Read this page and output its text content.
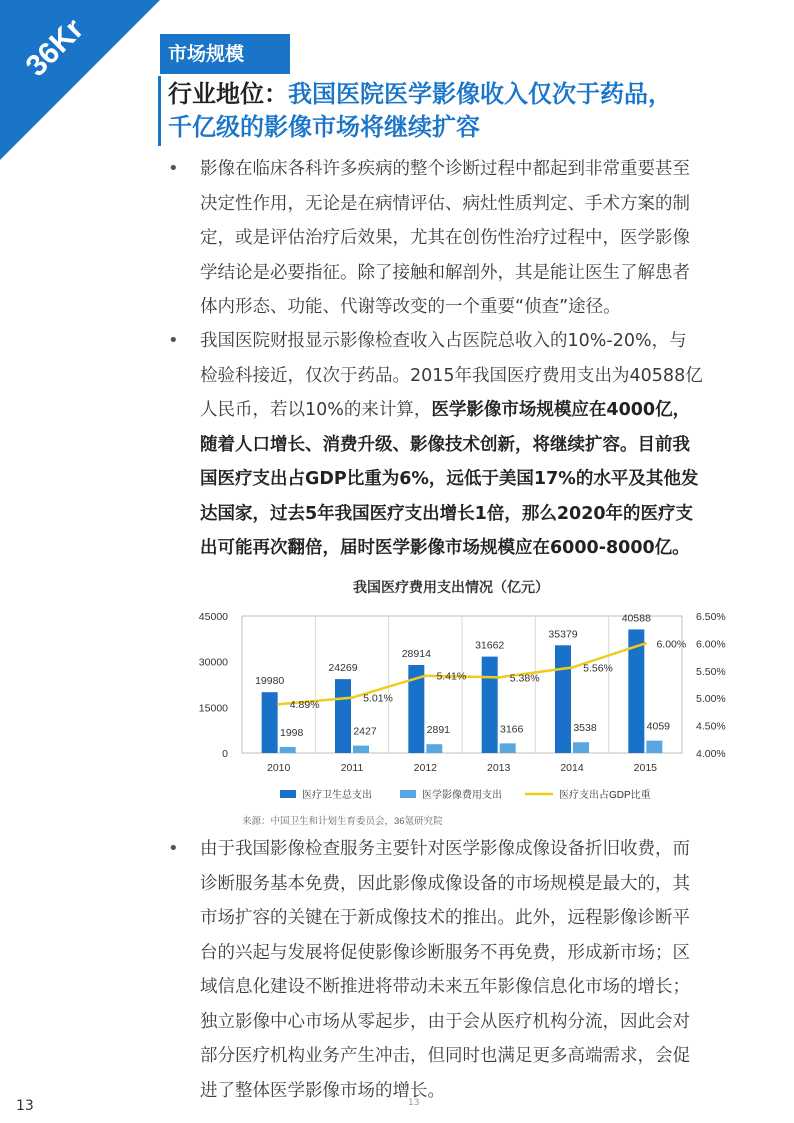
36Kr	市场规模
行业地位：我国医院医学影像收入仅次于药品，
千亿级的影像市场将继续扩容
• 影像在临床各科许多疾病的整个诊断过程中都起到非常重要甚至
决定性作用，无论是在病情评估、病灶性质判定、手术方案的制
定，或是评估治疗后效果，尤其在创伤性治疗过程中，医学影像
学结论是必要指征。除了接触和解剖外，其是能让医生了解患者
体内形态、功能、代谢等改变的一个重要“侦查”途径。
• 我国医院财报显示影像检查收入占医院总收入的10%-20%，与
检验科接近，仅次于药品。2015年我国医疗费用支出为40588亿
人民币，若以10%的来计算，医学影像市场规模应在4000亿，
随着人口增长、消费升级、影像技术创新，将继续扩容。目前我
国医疗支出占GDP比重为6%，远低于美国17%的水平及其他发
达国家，过去5年我国医疗支出增长1倍，那么2020年的医疗支
出可能再次翻倍，届时医学影像市场规模应在6000-8000亿。
我国医疗费用支出情况（亿元）
0
15000
30000
45000
4.00%
4.50%
5.00%
5.50%
6.00%
6.50%
2010	2011	2012	2013	2014	2015
19980
1998
24269
2427
28914
2891
31662
3166
35379
3538
40588
4059
4.89%
5.01%
5.41%	5.38%
5.56%
6.00%
医疗卫生总支出	医学影像费用支出	医疗支出占GDP比重
来源：中国卫生和计划生育委员会，36氪研究院
• 由于我国影像检查服务主要针对医学影像成像设备折旧收费，而
诊断服务基本免费，因此影像成像设备的市场规模是最大的，其
市场扩容的关键在于新成像技术的推出。此外，远程影像诊断平
台的兴起与发展将促使影像诊断服务不再免费，形成新市场；区
域信息化建设不断推进将带动未来五年影像信息化市场的增长；
独立影像中心市场从零起步，由于会从医疗机构分流，因此会对
部分医疗机构业务产生冲击，但同时也满足更多高端需求，会促
进了整体医学影像市场的增长。
13	13
